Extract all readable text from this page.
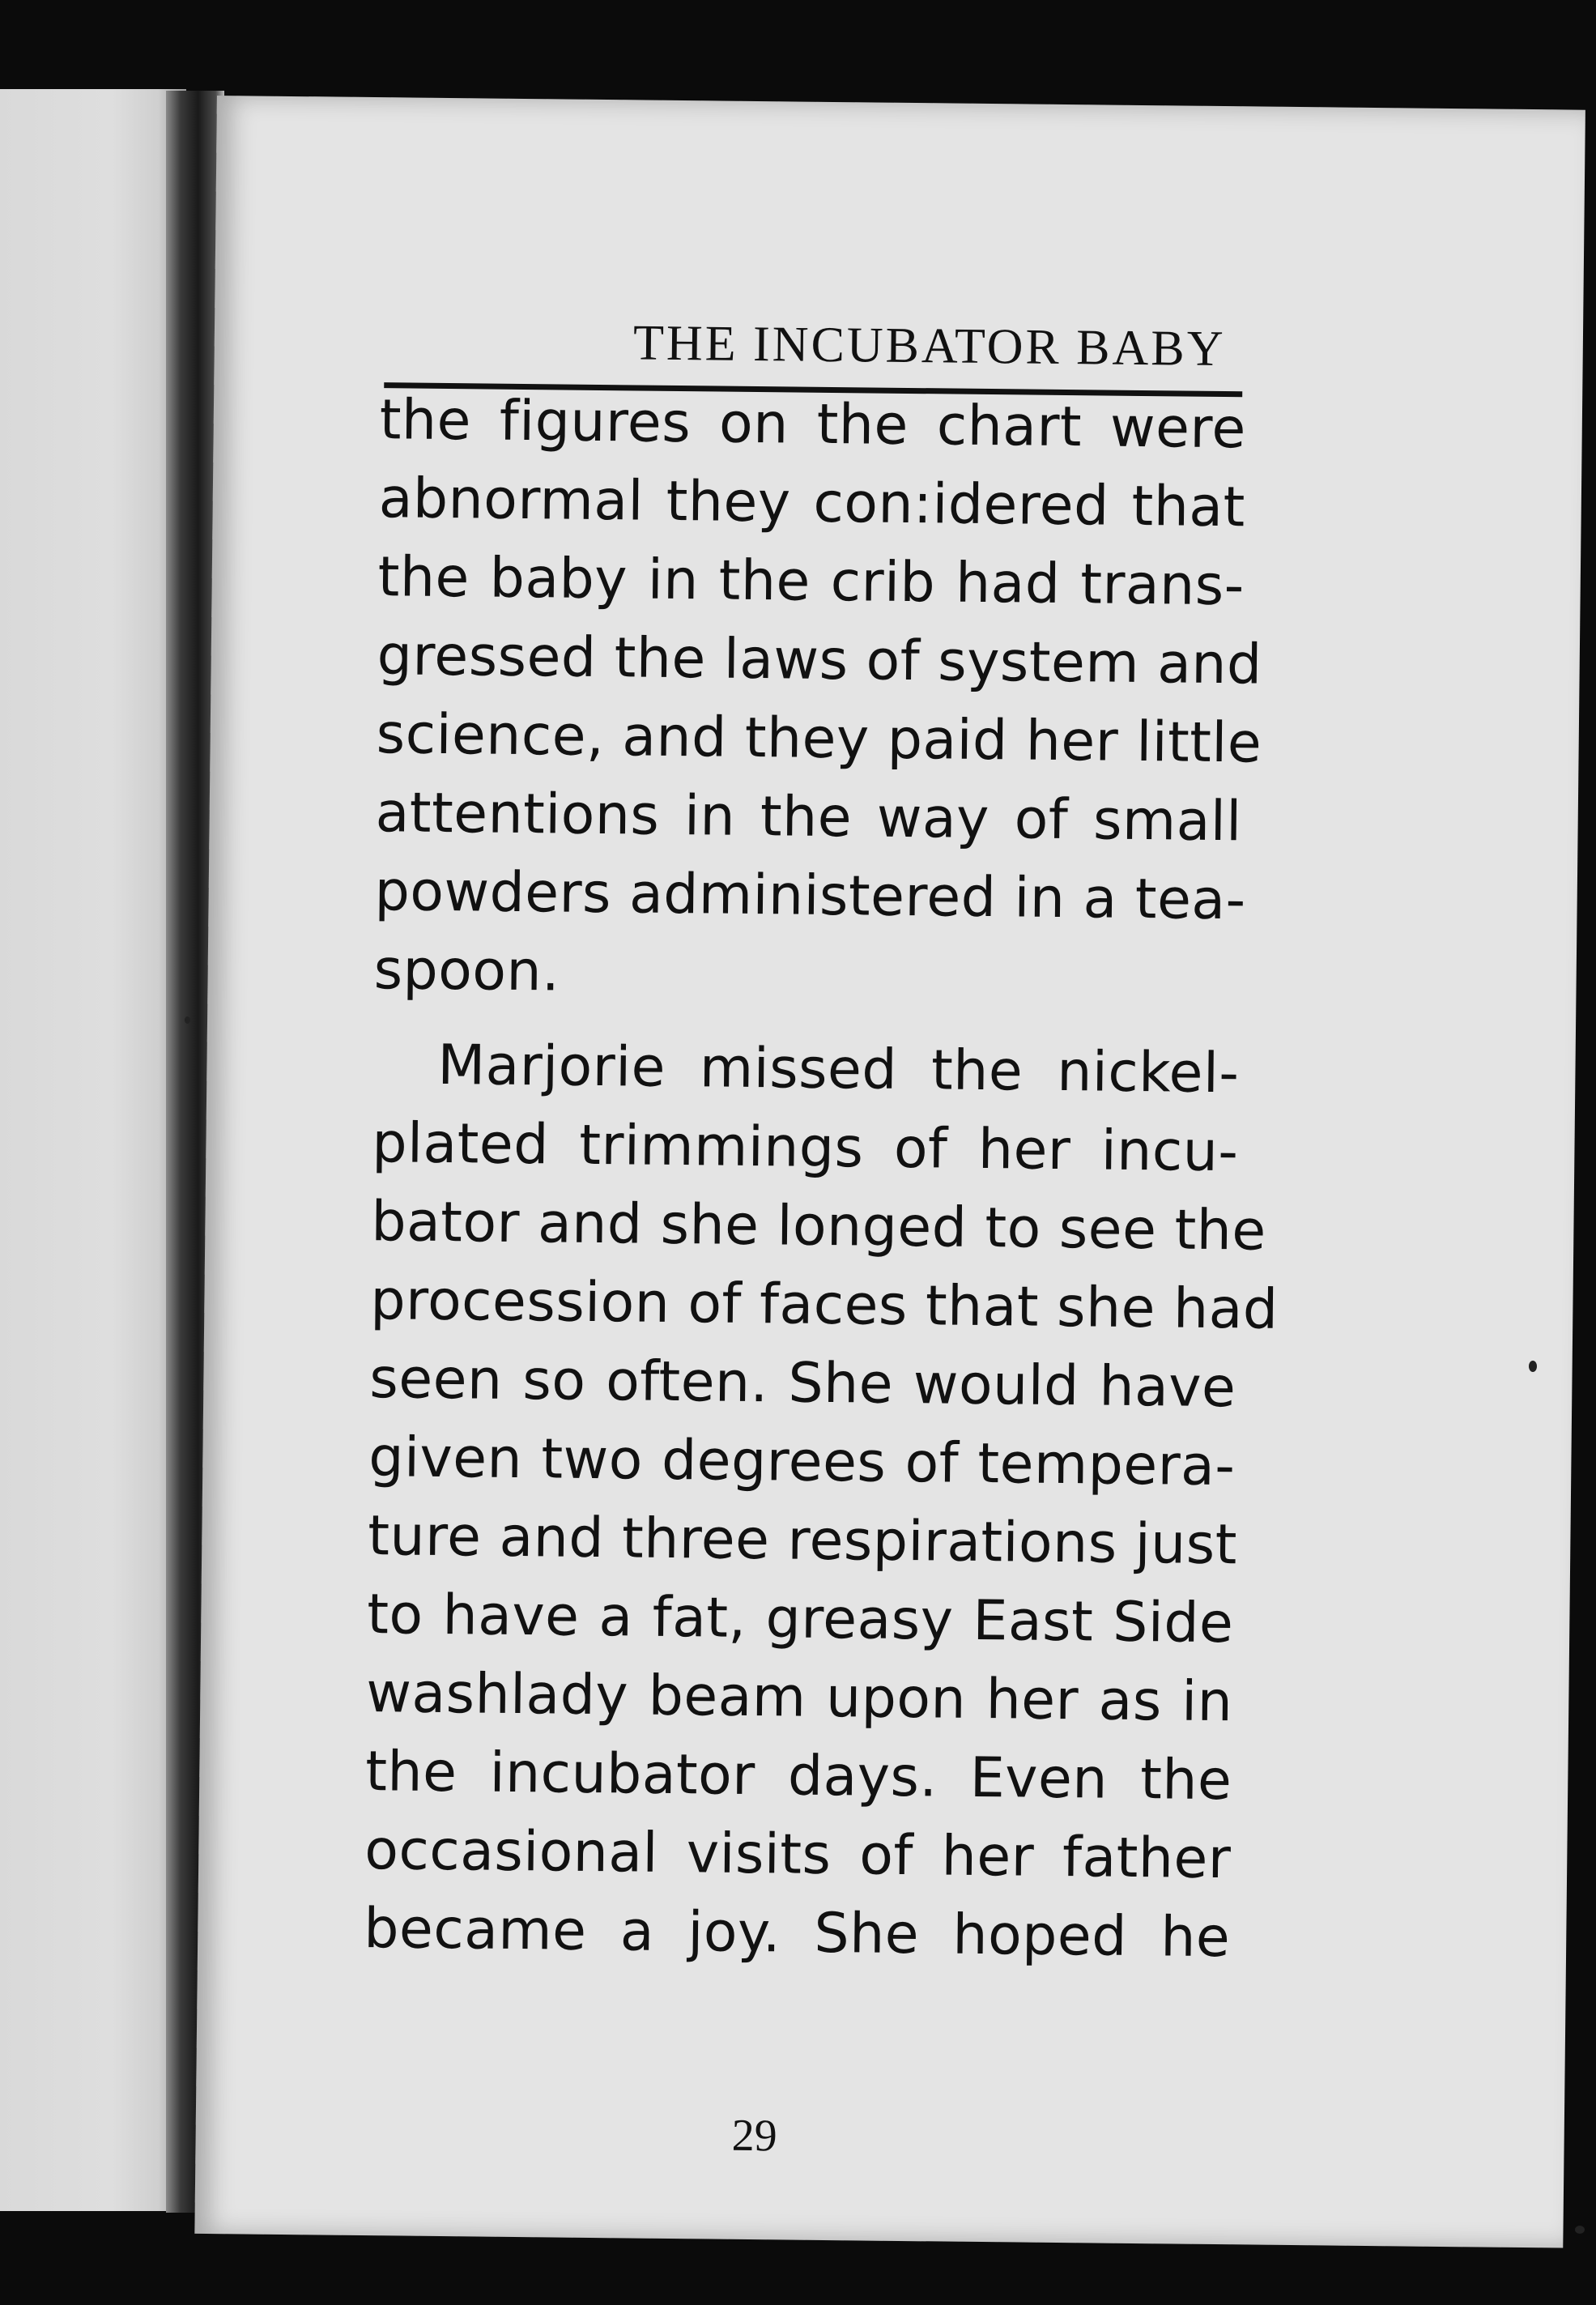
THE INCUBATOR BABY
the figures on the chart were
abnormal they con:idered that
the baby in the crib had trans-
gressed the laws of system and
science, and they paid her little
attentions in the way of small
powders administered in a tea-
spoon.
Marjorie missed the nickel-
plated trimmings of her incu-
bator and she longed to see the
procession of faces that she had
seen so often. She would have
given two degrees of tempera-
ture and three respirations just
to have a fat, greasy East Side
washlady beam upon her as in
the incubator days. Even the
occasional visits of her father
became a joy. She hoped he
29
